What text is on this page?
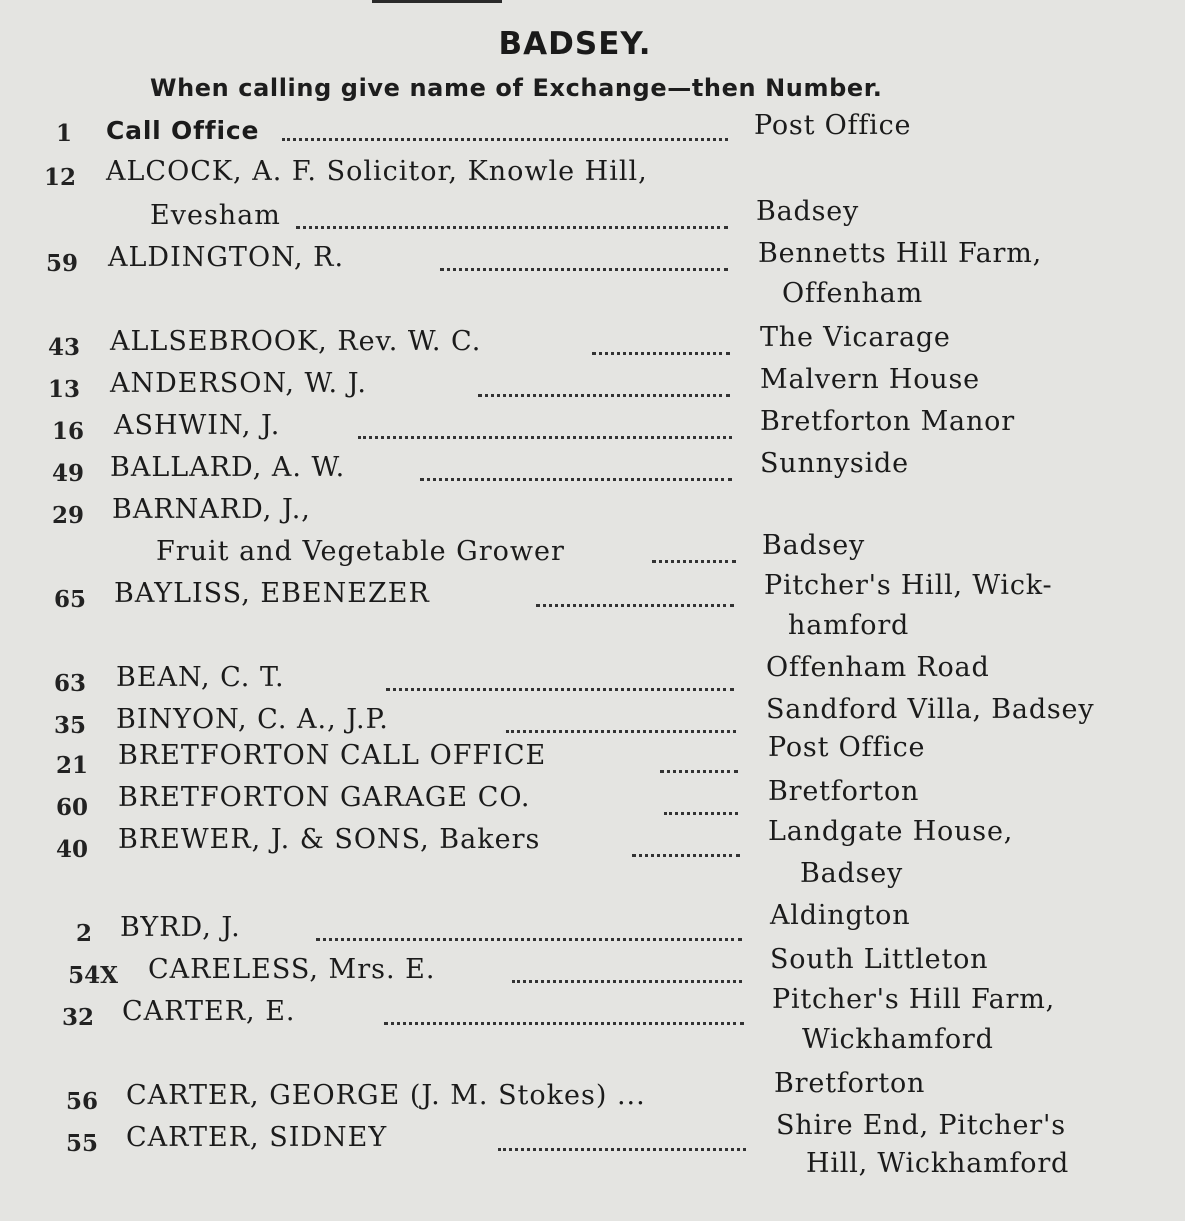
BADSEY.
When calling give name of Exchange—then Number.
1 Call Office	Post Office
12 ALCOCK, A. F. Solicitor, Knowle Hill,
Evesham	Badsey
59 ALDINGTON, R.	Bennetts Hill Farm,
Offenham
43 ALLSEBROOK, Rev. W. C.	The Vicarage
13 ANDERSON, W. J.	Malvern House
16 ASHWIN, J.	Bretforton Manor
49 BALLARD, A. W.	Sunnyside
29 BARNARD, J.,
Fruit and Vegetable Grower	Badsey
65 BAYLISS, EBENEZER	Pitcher's Hill, Wick-
hamford
63 BEAN, C. T.	Offenham Road
35 BINYON, C. A., J.P.	Sandford Villa, Badsey
21 BRETFORTON CALL OFFICE	Post Office
60 BRETFORTON GARAGE CO.	Bretforton
40 BREWER, J. & SONS, Bakers	Landgate House,
Badsey
2 BYRD, J.	Aldington
54X CARELESS, Mrs. E.	South Littleton
32 CARTER, E.	Pitcher's Hill Farm,
Wickhamford
56 CARTER, GEORGE (J. M. Stokes) ...	Bretforton
55 CARTER, SIDNEY	Shire End, Pitcher's
Hill, Wickhamford
